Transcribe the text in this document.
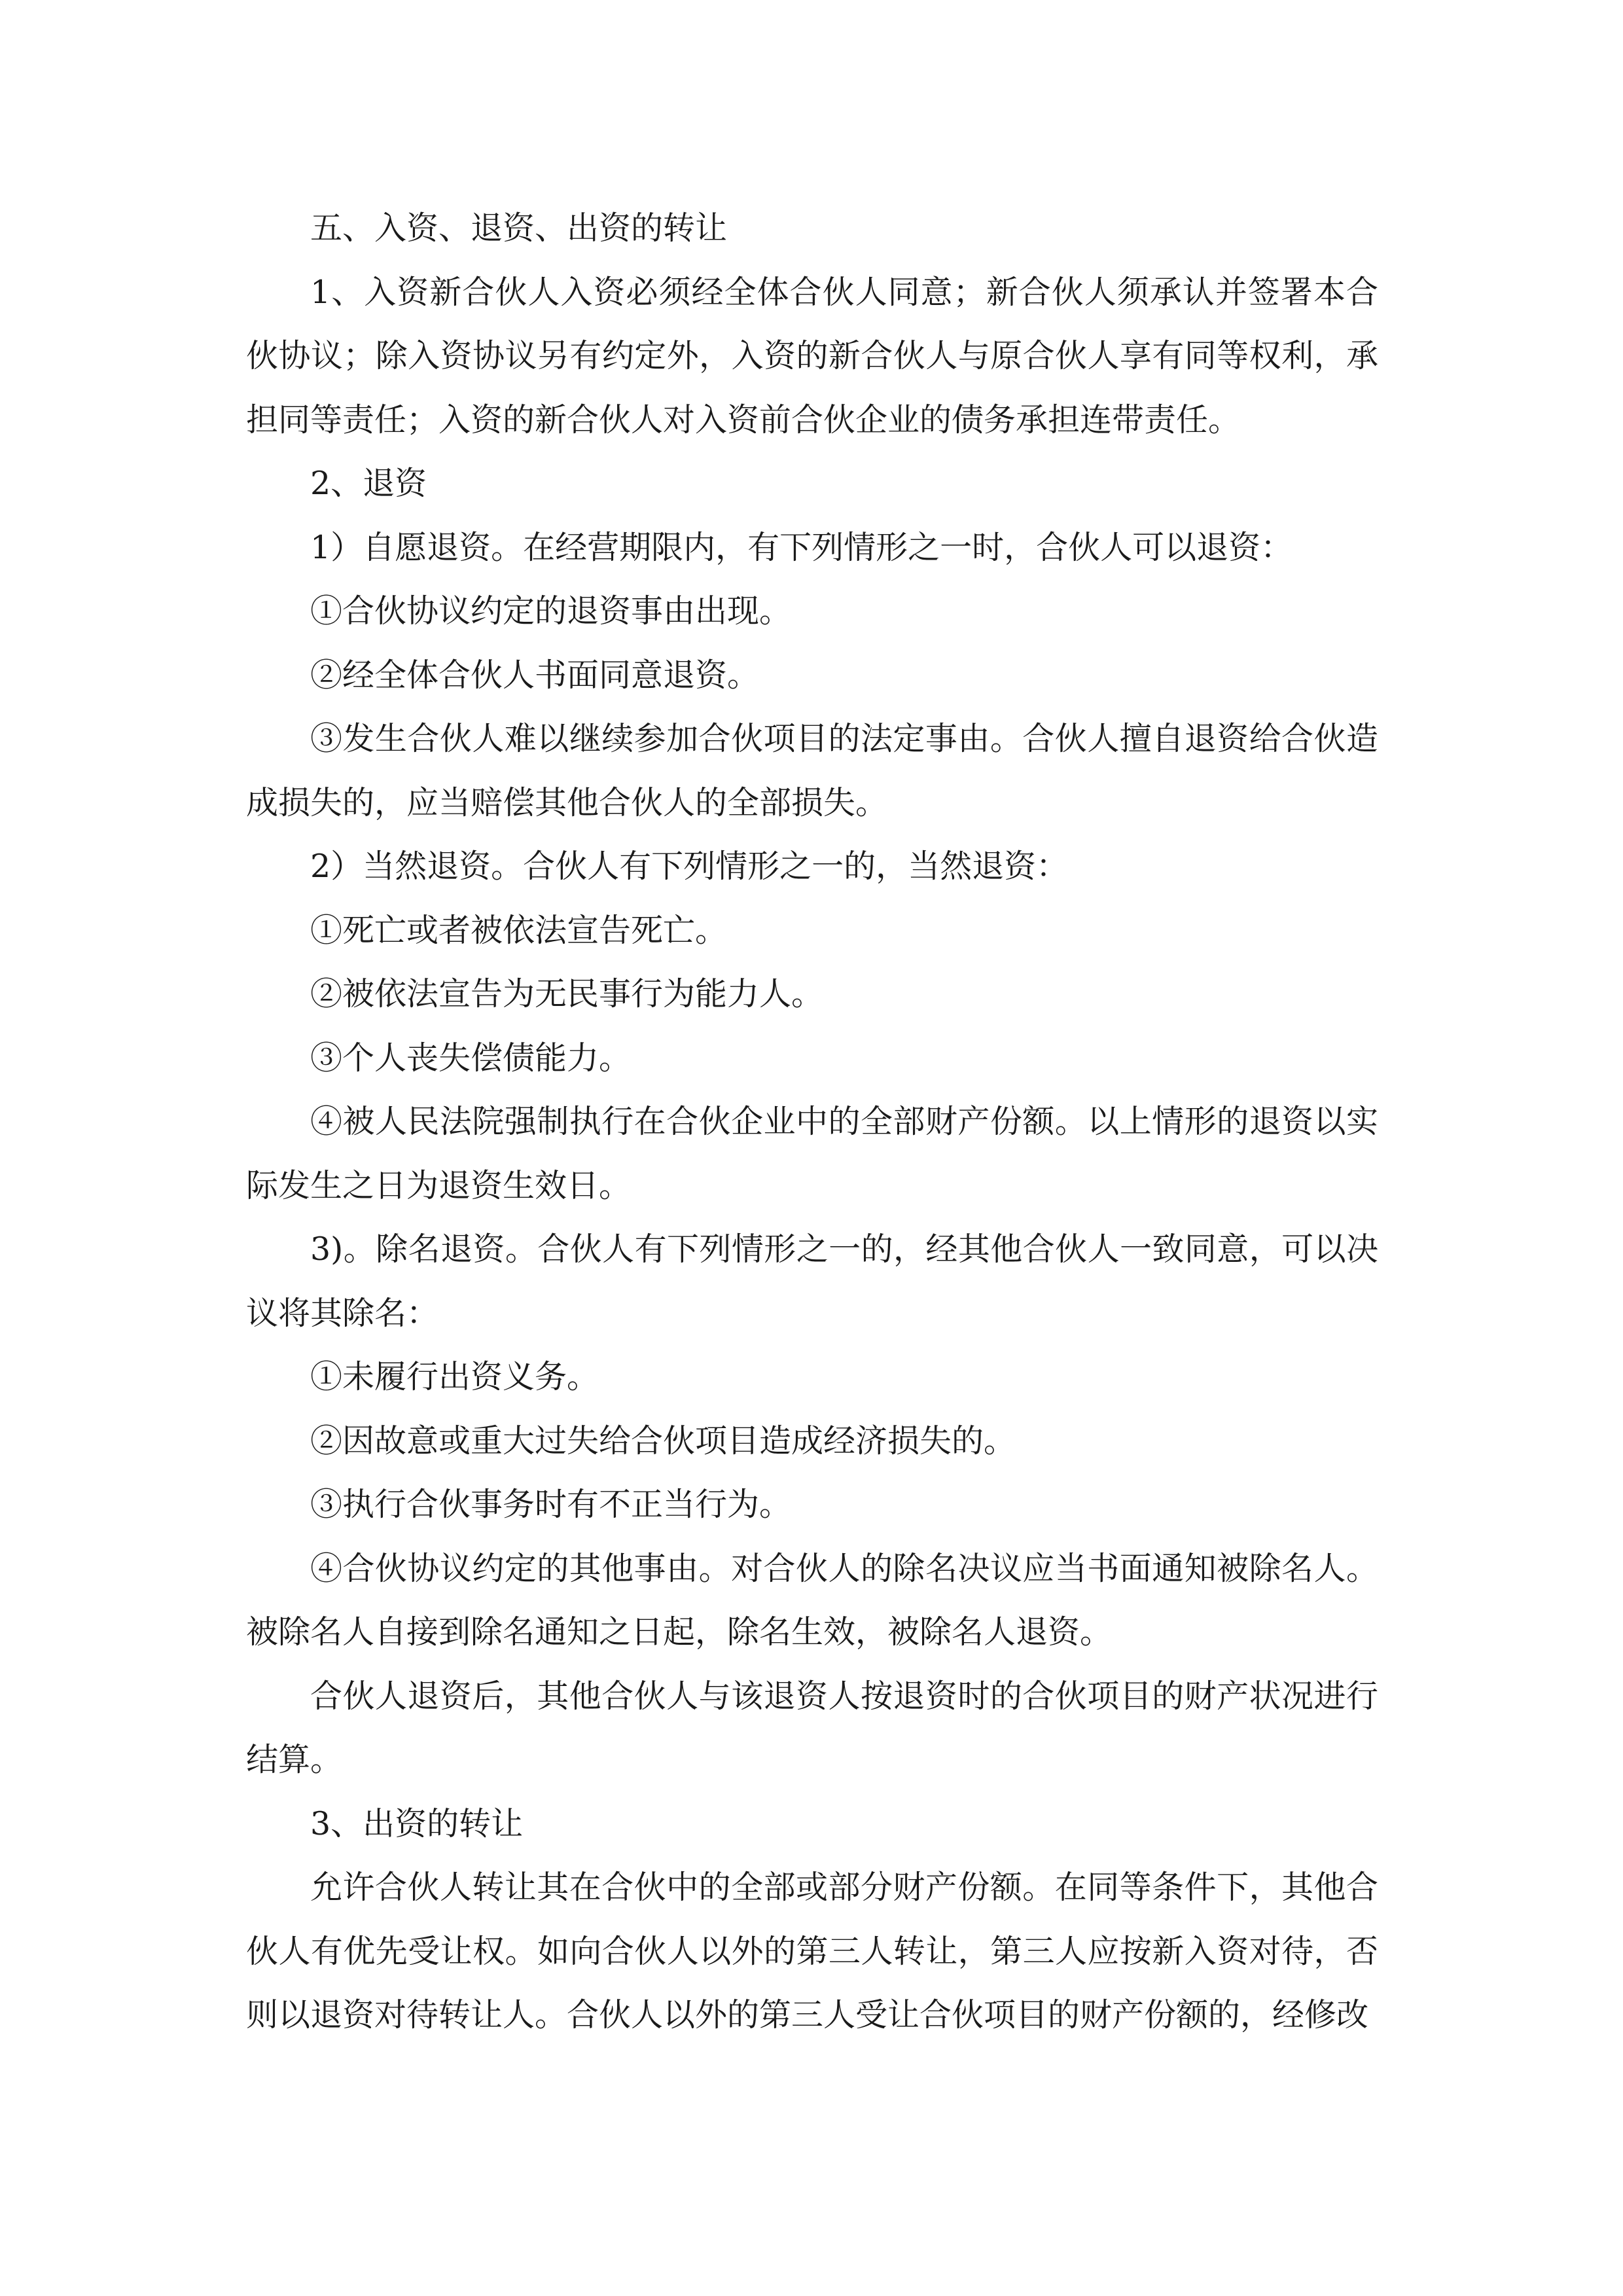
五、入资、退资、出资的转让

1、入资新合伙人入资必须经全体合伙人同意；新合伙人须承认并签署本合伙协议；除入资协议另有约定外，入资的新合伙人与原合伙人享有同等权利，承担同等责任；入资的新合伙人对入资前合伙企业的债务承担连带责任。

2、退资

1）自愿退资。在经营期限内，有下列情形之一时，合伙人可以退资：

①合伙协议约定的退资事由出现。

②经全体合伙人书面同意退资。

③发生合伙人难以继续参加合伙项目的法定事由。合伙人擅自退资给合伙造成损失的，应当赔偿其他合伙人的全部损失。

2）当然退资。合伙人有下列情形之一的，当然退资：

①死亡或者被依法宣告死亡。

②被依法宣告为无民事行为能力人。

③个人丧失偿债能力。

④被人民法院强制执行在合伙企业中的全部财产份额。以上情形的退资以实际发生之日为退资生效日。

3)。除名退资。合伙人有下列情形之一的，经其他合伙人一致同意，可以决议将其除名：

①未履行出资义务。

②因故意或重大过失给合伙项目造成经济损失的。

③执行合伙事务时有不正当行为。

④合伙协议约定的其他事由。对合伙人的除名决议应当书面通知被除名人。被除名人自接到除名通知之日起，除名生效，被除名人退资。

合伙人退资后，其他合伙人与该退资人按退资时的合伙项目的财产状况进行结算。

3、出资的转让

允许合伙人转让其在合伙中的全部或部分财产份额。在同等条件下，其他合伙人有优先受让权。如向合伙人以外的第三人转让，第三人应按新入资对待，否则以退资对待转让人。合伙人以外的第三人受让合伙项目的财产份额的，经修改
